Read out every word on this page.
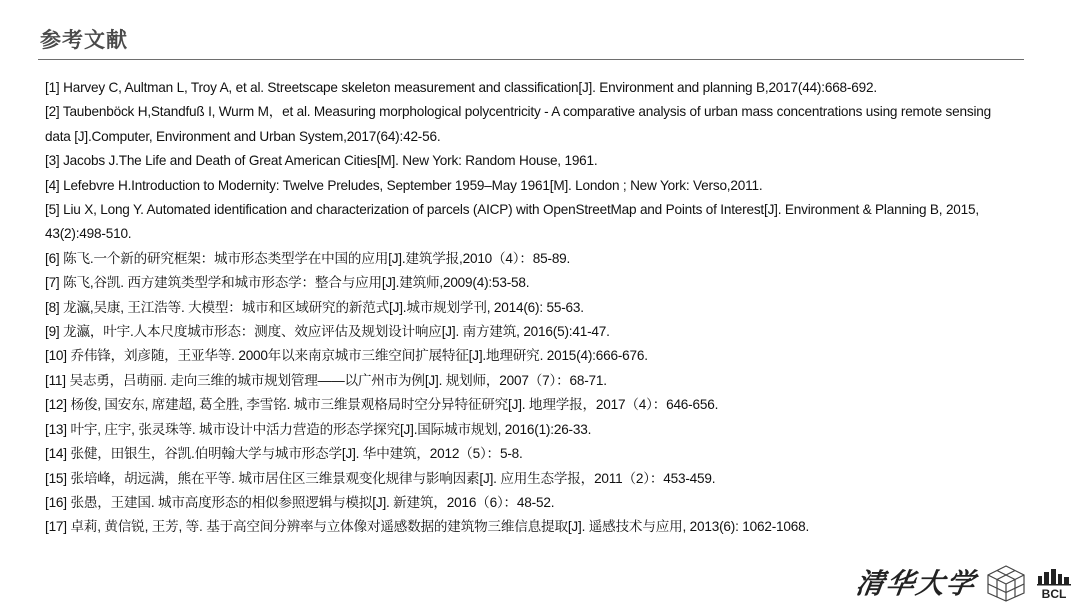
参考文献
[1] Harvey C, Aultman L, Troy A, et al. Streetscape skeleton measurement and classification[J]. Environment and planning B,2017(44):668-692.
[2] Taubenböck H,Standfuß I, Wurm M，et al. Measuring morphological polycentricity - A comparative analysis of urban mass concentrations using remote sensing data [J].Computer, Environment and Urban System,2017(64):42-56.
[3] Jacobs J.The Life and Death of Great American Cities[M]. New York: Random House, 1961.
[4] Lefebvre H.Introduction to Modernity: Twelve Preludes, September 1959–May 1961[M]. London ; New York: Verso,2011.
[5] Liu X, Long Y. Automated identification and characterization of parcels (AICP) with OpenStreetMap and Points of Interest[J]. Environment & Planning B, 2015, 43(2):498-510.
[6] 陈飞.一个新的研究框架：城市形态类型学在中国的应用[J].建筑学报,2010（4）：85-89.
[7] 陈飞,谷凯. 西方建筑类型学和城市形态学：整合与应用[J].建筑师,2009(4):53-58.
[8] 龙瀛,吴康, 王江浩等. 大模型：城市和区域研究的新范式[J].城市规划学刊, 2014(6): 55-63.
[9] 龙瀛，叶宇.人本尺度城市形态：测度、效应评估及规划设计响应[J]. 南方建筑, 2016(5):41-47.
[10] 乔伟锋，刘彦随，王亚华等. 2000年以来南京城市三维空间扩展特征[J].地理研究. 2015(4):666-676.
[11] 吴志勇，吕萌丽. 走向三维的城市规划管理——以广州市为例[J]. 规划师，2007（7）：68-71.
[12] 杨俊, 国安东, 席建超, 葛全胜, 李雪铭. 城市三维景观格局时空分异特征研究[J]. 地理学报，2017（4）：646-656.
[13] 叶宇, 庄宇, 张灵珠等. 城市设计中活力营造的形态学探究[J].国际城市规划, 2016(1):26-33.
[14] 张健，田银生，谷凯.伯明翰大学与城市形态学[J]. 华中建筑，2012（5）：5-8.
[15] 张培峰，胡远满，熊在平等. 城市居住区三维景观变化规律与影响因素[J]. 应用生态学报，2011（2）：453-459.
[16] 张愚，王建国. 城市高度形态的相似参照逻辑与模拟[J]. 新建筑，2016（6）：48-52.
[17] 卓莉, 黄信锐, 王芳, 等. 基于高空间分辨率与立体像对遥感数据的建筑物三维信息提取[J]. 遥感技术与应用, 2013(6): 1062-1068.
清华大学	BCL
